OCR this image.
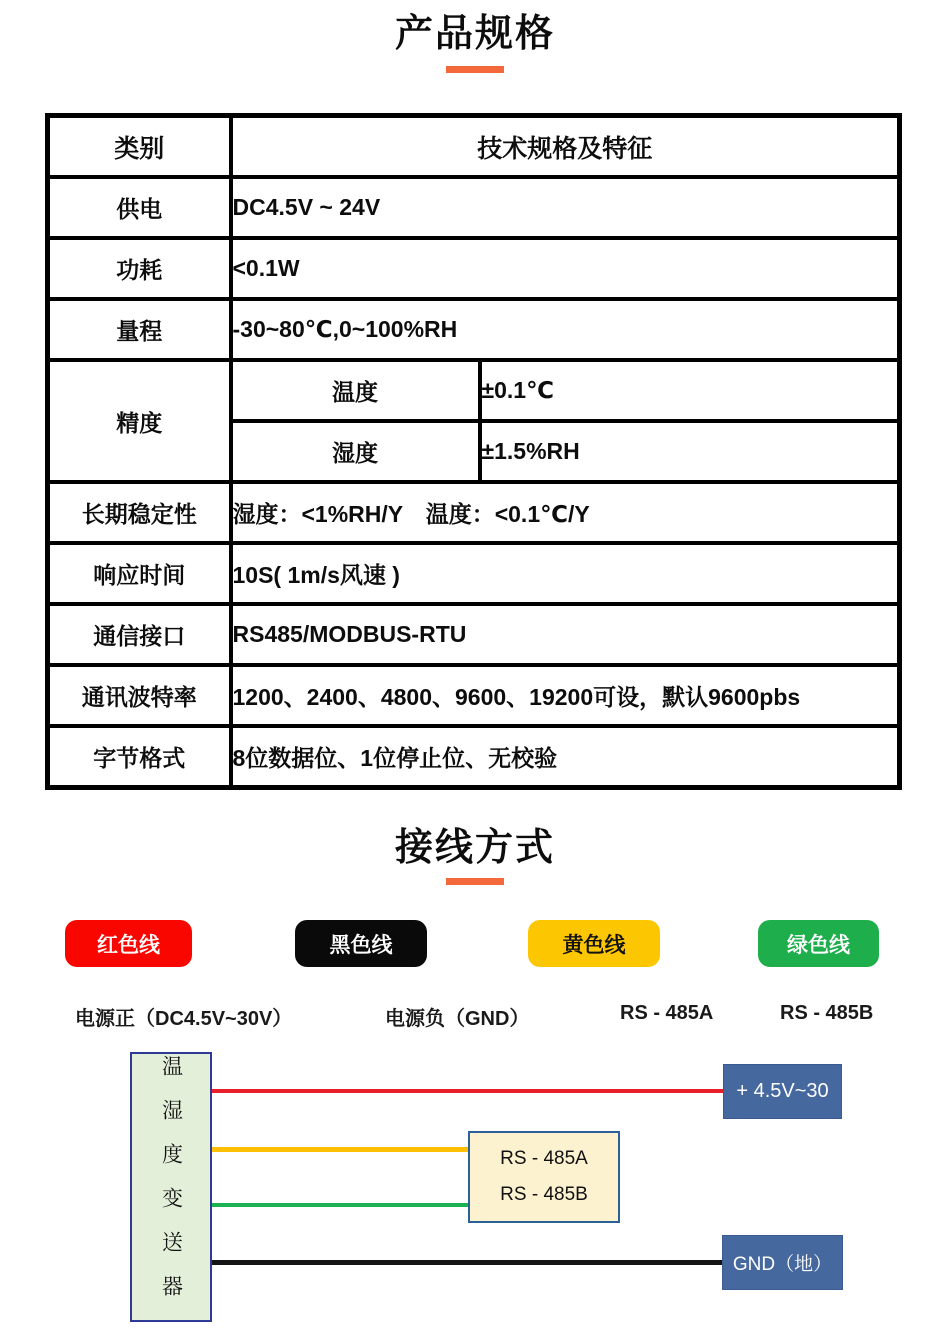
产品规格
类别	技术规格及特征	
供电	DC4.5V ~ 24V	
功耗	<0.1W	
量程	-30~80℃,0~100%RH	
精度	温度	±0.1℃
	湿度	±1.5%RH
长期稳定性	湿度：<1%RH/Y　温度：<0.1℃/Y	
响应时间	10S( 1m/s风速 )	
通信接口	RS485/MODBUS-RTU	
通讯波特率	1200、2400、4800、9600、19200可设，默认9600pbs	
字节格式	8位数据位、1位停止位、无校验	
接线方式
红色线	黑色线	黄色线	绿色线
电源正（DC4.5V~30V）	电源负（GND）	RS - 485A	RS - 485B
温湿度变送器	+ 4.5V~30
RS - 485A
RS - 485B
GND（地）
